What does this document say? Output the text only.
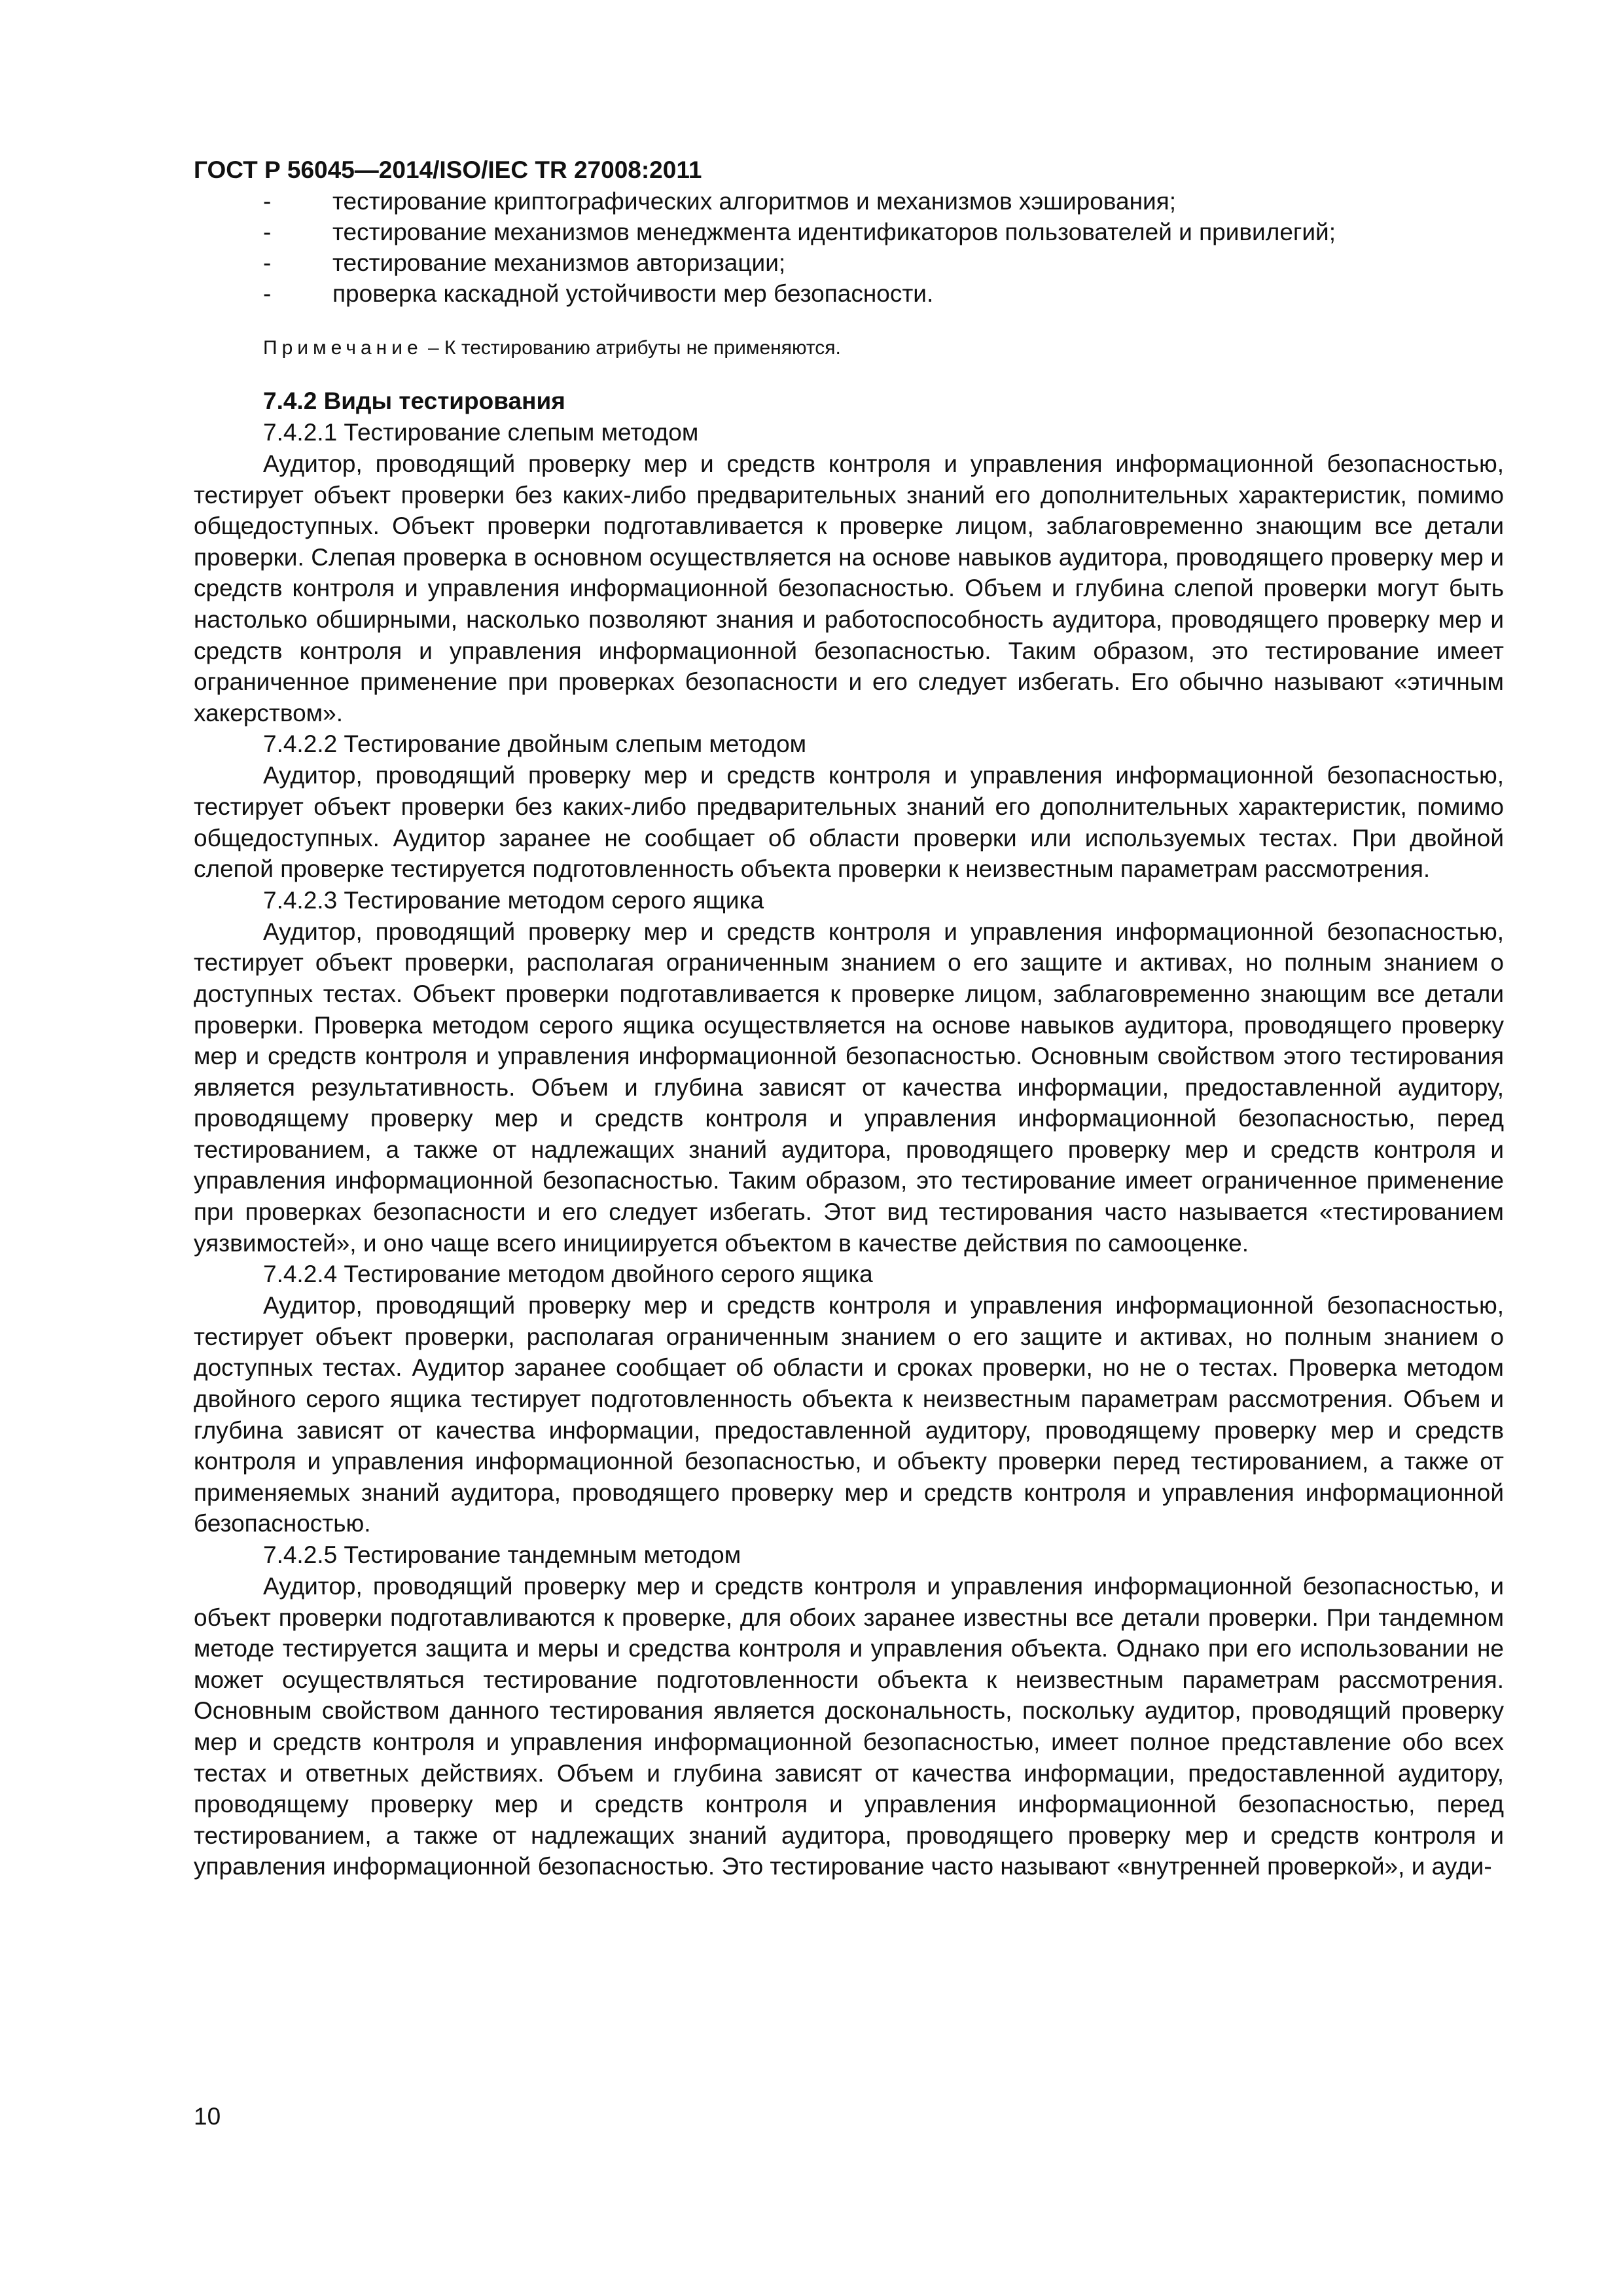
ГОСТ Р 56045—2014/ISO/IEC TR 27008:2011
-	тестирование криптографических алгоритмов и механизмов хэширования;
-	тестирование механизмов менеджмента идентификаторов пользователей и привилегий;
-	тестирование механизмов авторизации;
-	проверка каскадной устойчивости мер безопасности.
Примечание – К тестированию атрибуты не применяются.
7.4.2 Виды тестирования
7.4.2.1 Тестирование слепым методом

Аудитор, проводящий проверку мер и средств контроля и управления информационной безопасностью, тестирует объект проверки без каких-либо предварительных знаний его дополнительных характеристик, помимо общедоступных. Объект проверки подготавливается к проверке лицом, заблаговременно знающим все детали проверки. Слепая проверка в основном осуществляется на основе навыков аудитора, проводящего проверку мер и средств контроля и управления информационной безопасностью. Объем и глубина слепой проверки могут быть настолько обширными, насколько позволяют знания и работоспособность аудитора, проводящего проверку мер и средств контроля и управления информационной безопасностью. Таким образом, это тестирование имеет ограниченное применение при проверках безопасности и его следует избегать. Его обычно называют «этичным хакерством».

7.4.2.2 Тестирование двойным слепым методом

Аудитор, проводящий проверку мер и средств контроля и управления информационной безопасностью, тестирует объект проверки без каких-либо предварительных знаний его дополнительных характеристик, помимо общедоступных. Аудитор заранее не сообщает об области проверки или используемых тестах. При двойной слепой проверке тестируется подготовленность объекта проверки к неизвестным параметрам рассмотрения.

7.4.2.3 Тестирование методом серого ящика

Аудитор, проводящий проверку мер и средств контроля и управления информационной безопасностью, тестирует объект проверки, располагая ограниченным знанием о его защите и активах, но полным знанием о доступных тестах. Объект проверки подготавливается к проверке лицом, заблаговременно знающим все детали проверки. Проверка методом серого ящика осуществляется на основе навыков аудитора, проводящего проверку мер и средств контроля и управления информационной безопасностью. Основным свойством этого тестирования является результативность. Объем и глубина зависят от качества информации, предоставленной аудитору, проводящему проверку мер и средств контроля и управления информационной безопасностью, перед тестированием, а также от надлежащих знаний аудитора, проводящего проверку мер и средств контроля и управления информационной безопасностью. Таким образом, это тестирование имеет ограниченное применение при проверках безопасности и его следует избегать. Этот вид тестирования часто называется «тестированием уязвимостей», и оно чаще всего инициируется объектом в качестве действия по самооценке.

7.4.2.4 Тестирование методом двойного серого ящика

Аудитор, проводящий проверку мер и средств контроля и управления информационной безопасностью, тестирует объект проверки, располагая ограниченным знанием о его защите и активах, но полным знанием о доступных тестах. Аудитор заранее сообщает об области и сроках проверки, но не о тестах. Проверка методом двойного серого ящика тестирует подготовленность объекта к неизвестным параметрам рассмотрения. Объем и глубина зависят от качества информации, предоставленной аудитору, проводящему проверку мер и средств контроля и управления информационной безопасностью, и объекту проверки перед тестированием, а также от применяемых знаний аудитора, проводящего проверку мер и средств контроля и управления информационной безопасностью.

7.4.2.5 Тестирование тандемным методом

Аудитор, проводящий проверку мер и средств контроля и управления информационной безопасностью, и объект проверки подготавливаются к проверке, для обоих заранее известны все детали проверки. При тандемном методе тестируется защита и меры и средства контроля и управления объекта. Однако при его использовании не может осуществляться тестирование подготовленности объекта к неизвестным параметрам рассмотрения. Основным свойством данного тестирования является доскональность, поскольку аудитор, проводящий проверку мер и средств контроля и управления информационной безопасностью, имеет полное представление обо всех тестах и ответных действиях. Объем и глубина зависят от качества информации, предоставленной аудитору, проводящему проверку мер и средств контроля и управления информационной безопасностью, перед тестированием, а также от надлежащих знаний аудитора, проводящего проверку мер и средств контроля и управления информационной безопасностью. Это тестирование часто называют «внутренней проверкой», и ауди-

10
